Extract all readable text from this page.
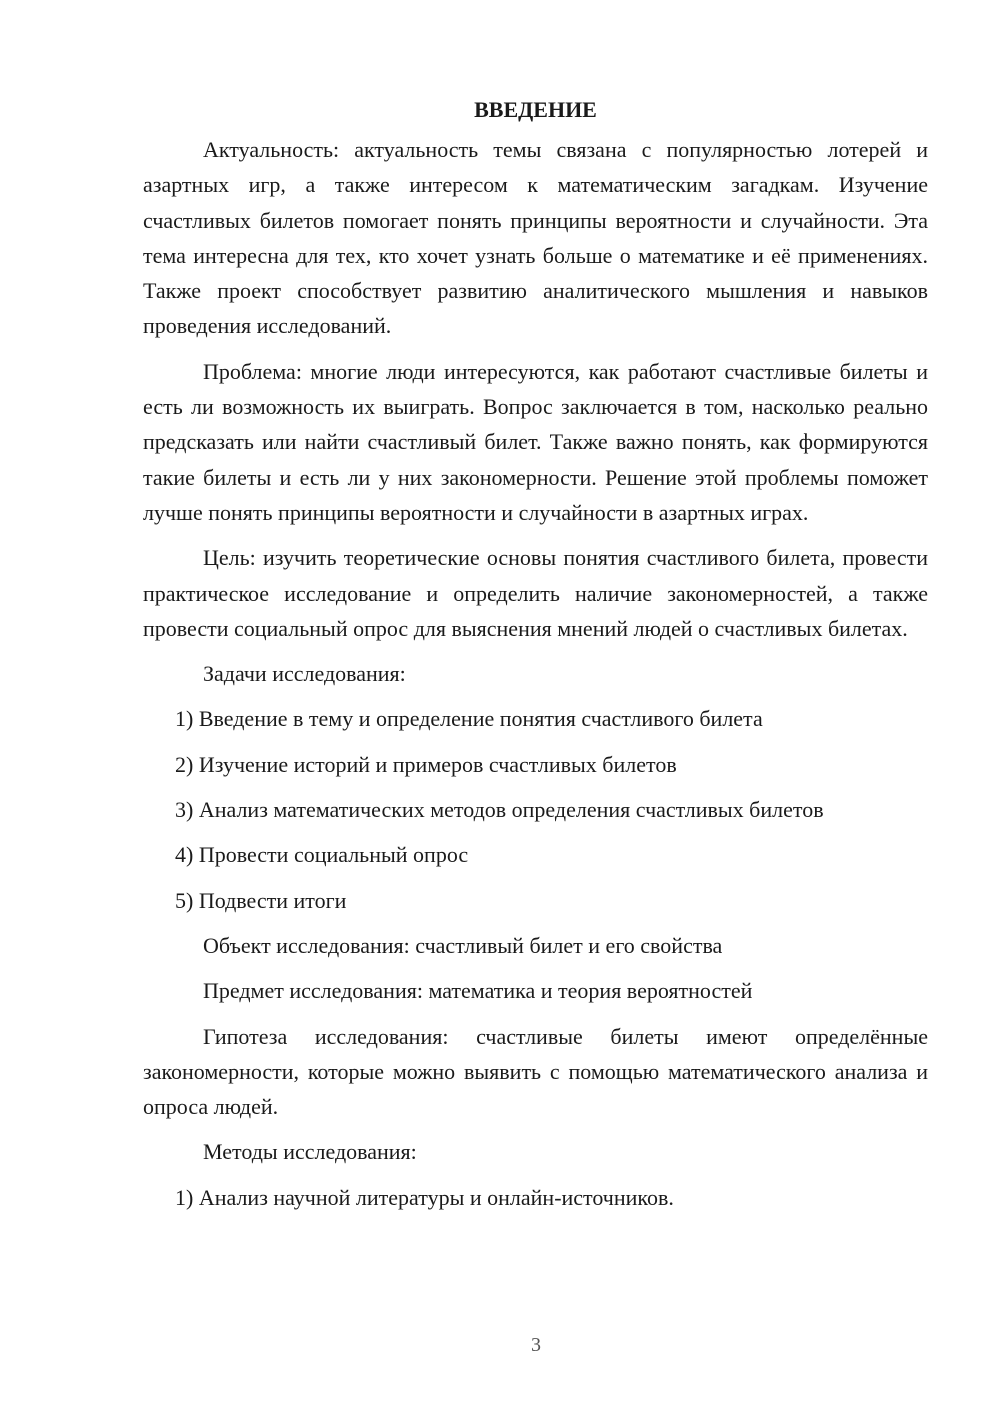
ВВЕДЕНИЕ

Актуальность: актуальность темы связана с популярностью лотерей и азартных игр, а также интересом к математическим загадкам. Изучение счастливых билетов помогает понять принципы вероятности и случайности. Эта тема интересна для тех, кто хочет узнать больше о математике и её применениях. Также проект способствует развитию аналитического мышления и навыков проведения исследований.

Проблема: многие люди интересуются, как работают счастливые билеты и есть ли возможность их выиграть. Вопрос заключается в том, насколько реально предсказать или найти счастливый билет. Также важно понять, как формируются такие билеты и есть ли у них закономерности. Решение этой проблемы поможет лучше понять принципы вероятности и случайности в азартных играх.

Цель: изучить теоретические основы понятия счастливого билета, провести практическое исследование и определить наличие закономерностей, а также провести социальный опрос для выяснения мнений людей о счастливых билетах.

Задачи исследования:

1) Введение в тему и определение понятия счастливого билета
2) Изучение историй и примеров счастливых билетов
3) Анализ математических методов определения счастливых билетов
4) Провести социальный опрос
5) Подвести итоги

Объект исследования: счастливый билет и его свойства

Предмет исследования: математика и теория вероятностей

Гипотеза исследования: счастливые билеты имеют определённые закономерности, которые можно выявить с помощью математического анализа и опроса людей.

Методы исследования:

1) Анализ научной литературы и онлайн-источников.
3
